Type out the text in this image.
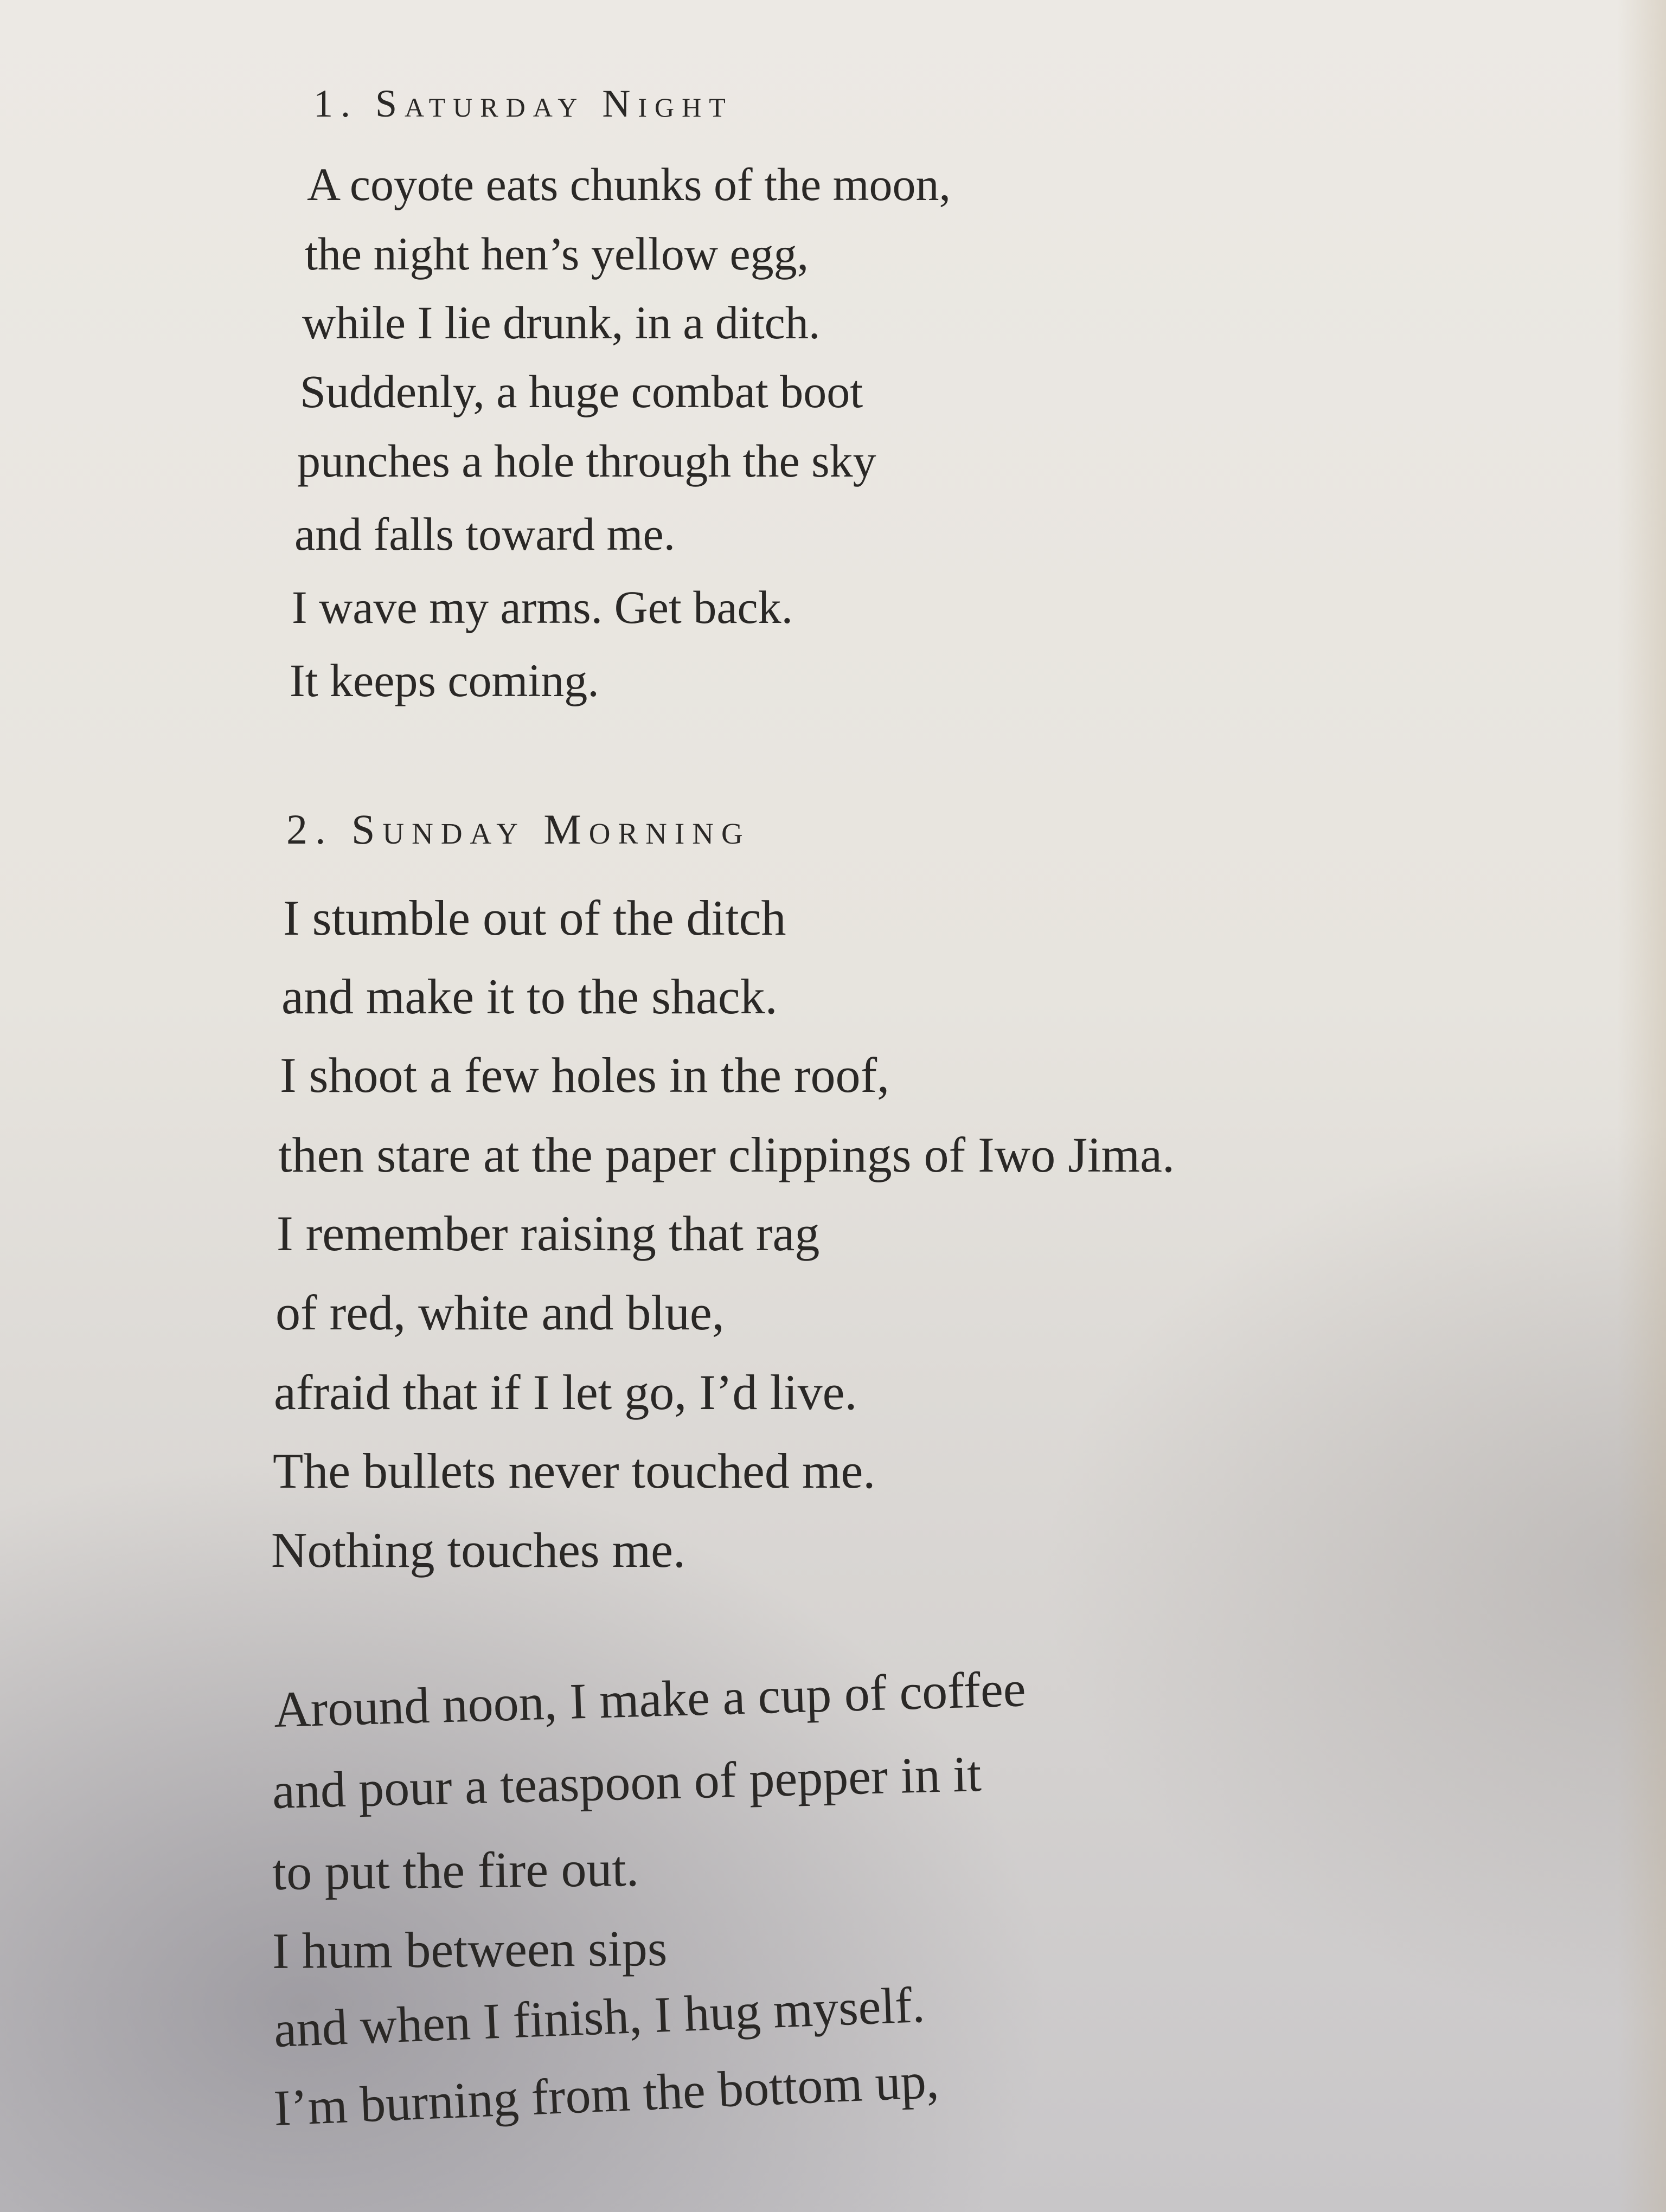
1. Saturday Night
A coyote eats chunks of the moon,
the night hen’s yellow egg,
while I lie drunk, in a ditch.
Suddenly, a huge combat boot
punches a hole through the sky
and falls toward me.
I wave my arms. Get back.
It keeps coming.
2. Sunday Morning
I stumble out of the ditch
and make it to the shack.
I shoot a few holes in the roof,
then stare at the paper clippings of Iwo Jima.
I remember raising that rag
of red, white and blue,
afraid that if I let go, I’d live.
The bullets never touched me.
Nothing touches me.
Around noon, I make a cup of coffee
and pour a teaspoon of pepper in it
to put the fire out.
I hum between sips
and when I finish, I hug myself.
I’m burning from the bottom up,
